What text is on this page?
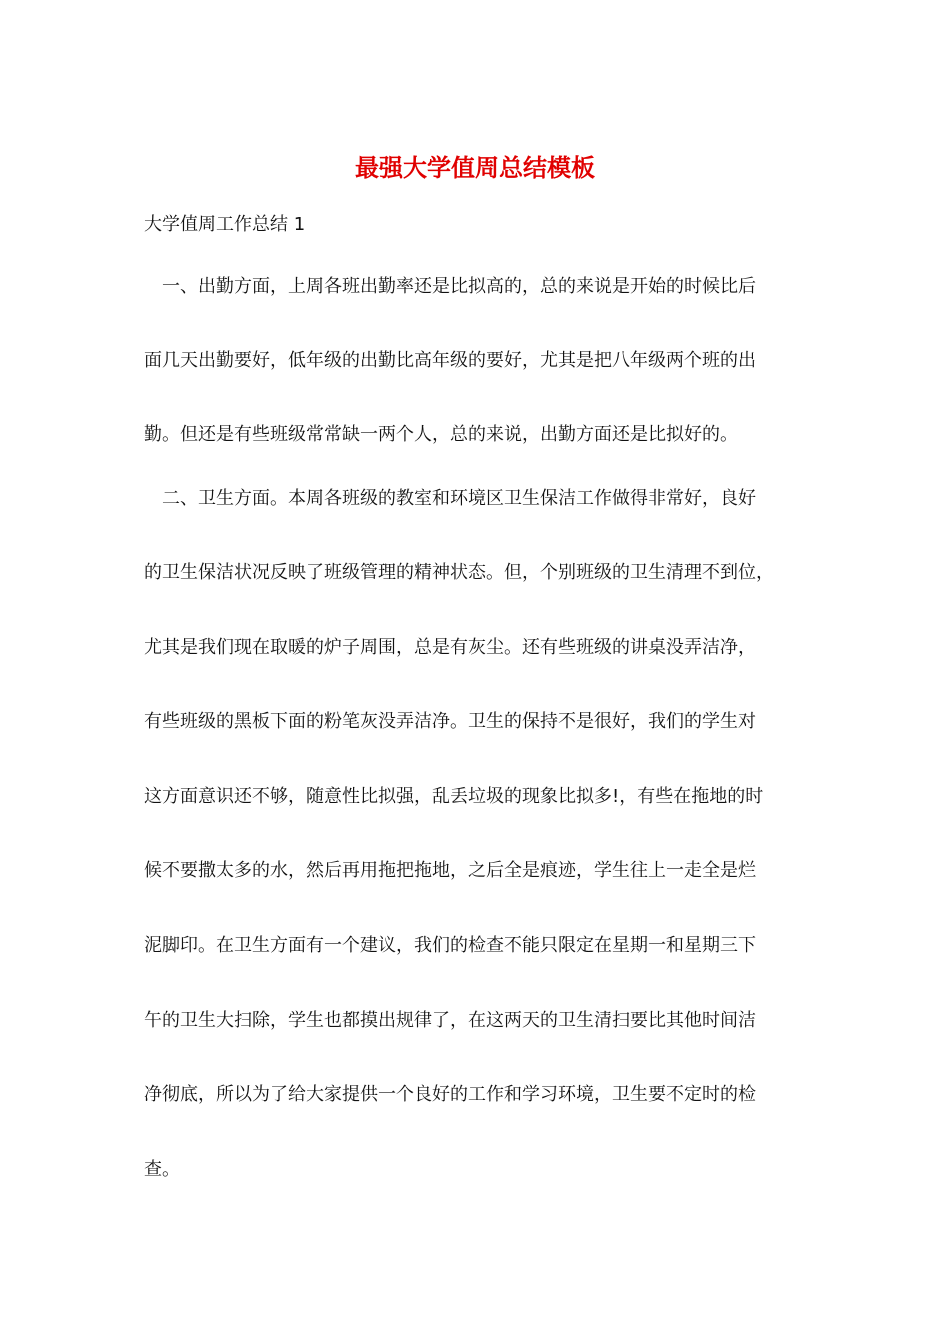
最强大学值周总结模板
大学值周工作总结 1
　一、出勤方面，上周各班出勤率还是比拟高的，总的来说是开始的时候比后
面几天出勤要好，低年级的出勤比高年级的要好，尤其是把八年级两个班的出
勤。但还是有些班级常常缺一两个人，总的来说，出勤方面还是比拟好的。
　二、卫生方面。本周各班级的教室和环境区卫生保洁工作做得非常好，良好
的卫生保洁状况反映了班级管理的精神状态。但，个别班级的卫生清理不到位，
尤其是我们现在取暖的炉子周围，总是有灰尘。还有些班级的讲桌没弄洁净，
有些班级的黑板下面的粉笔灰没弄洁净。卫生的保持不是很好，我们的学生对
这方面意识还不够，随意性比拟强，乱丢垃圾的现象比拟多!，有些在拖地的时
候不要撒太多的水，然后再用拖把拖地，之后全是痕迹，学生往上一走全是烂
泥脚印。在卫生方面有一个建议，我们的检查不能只限定在星期一和星期三下
午的卫生大扫除，学生也都摸出规律了，在这两天的卫生清扫要比其他时间洁
净彻底，所以为了给大家提供一个良好的工作和学习环境，卫生要不定时的检
查。
